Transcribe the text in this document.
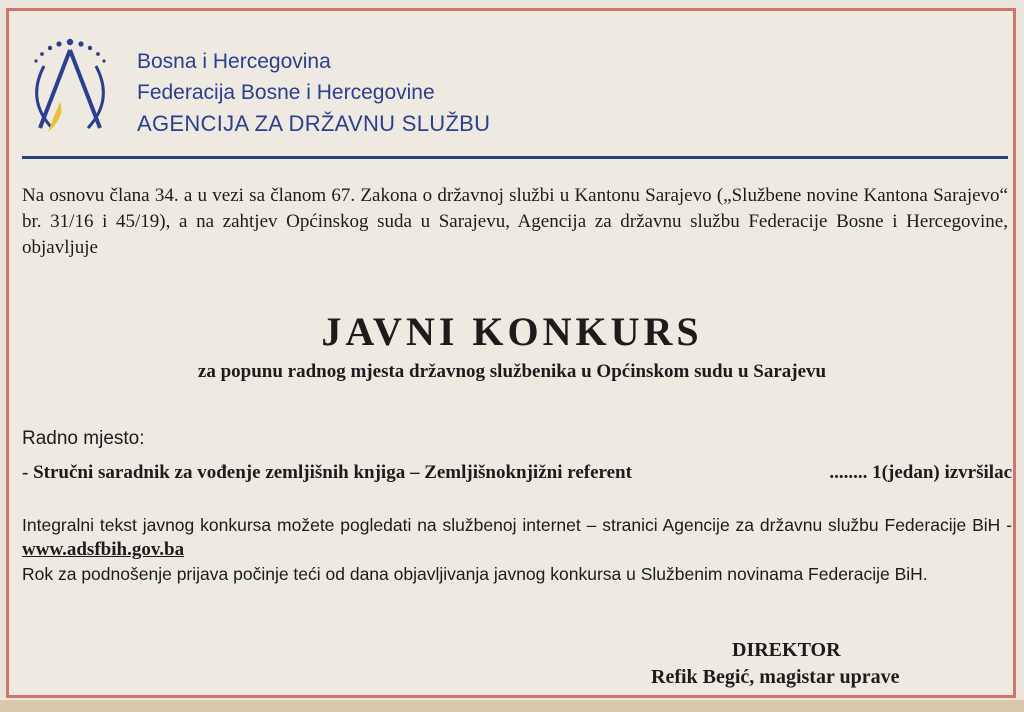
Bosna i Hercegovina
Federacija Bosne i Hercegovine
AGENCIJA ZA DRŽAVNU SLUŽBU
Na osnovu člana 34. a u vezi sa članom 67. Zakona o državnoj službi u Kantonu Sarajevo („Službene novine Kantona Sarajevo“ br. 31/16 i 45/19), a na zahtjev Općinskog suda u Sarajevu, Agencija za državnu službu Federacije Bosne i Hercegovine, objavljuje
JAVNI KONKURS
za popunu radnog mjesta državnog službenika u Općinskom sudu u Sarajevu
Radno mjesto:
- Stručni saradnik za vođenje zemljišnih knjiga – Zemljišnoknjižni referent	........ 1(jedan) izvršilac
Integralni tekst javnog konkursa možete pogledati na službenoj internet – stranici Agencije za državnu službu Federacije BiH - www.adsfbih.gov.ba
Rok za podnošenje prijava počinje teći od dana objavljivanja javnog konkursa u Službenim novinama Federacije BiH.
DIREKTOR
Refik Begić, magistar uprave
